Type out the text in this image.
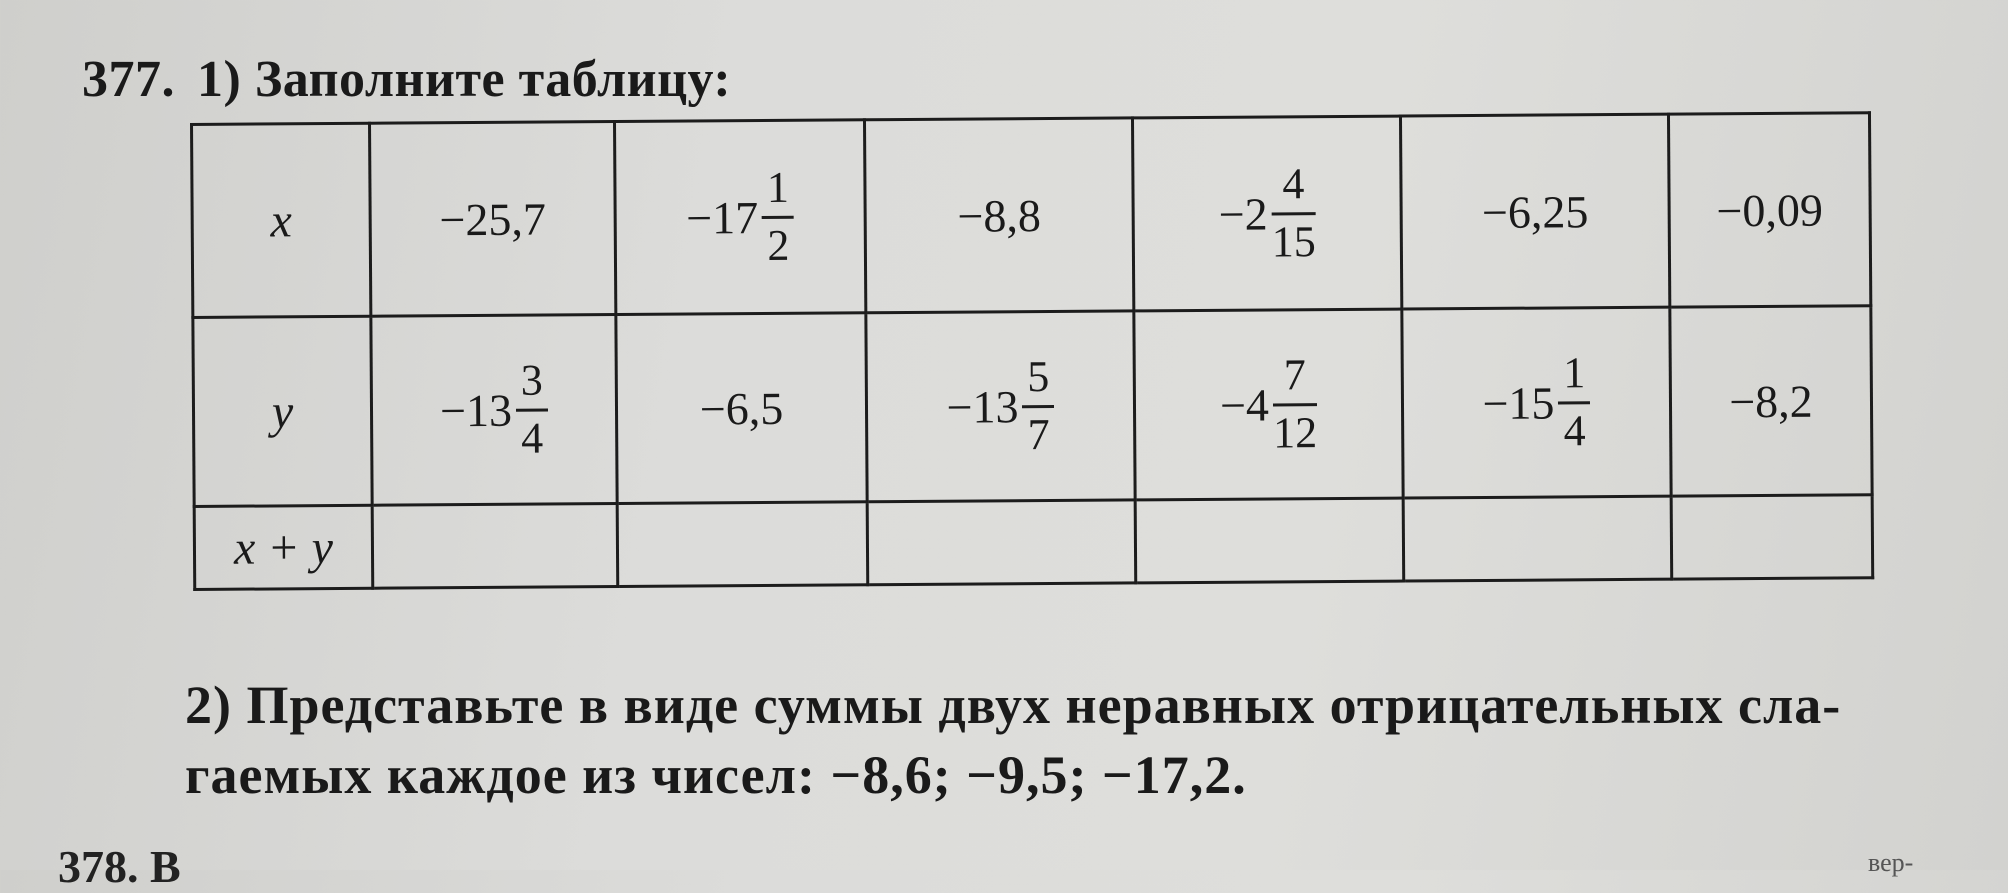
377. 1) Заполните таблицу:
x	−25,7	$-17 \frac{1}{2}$	−8,8	$-2 \frac{4}{15}$	−6,25	−0,09
y	$-13 \frac{3}{4}$	−6,5	$-13 \frac{5}{7}$	$-4 \frac{7}{12}$	$-15 \frac{1}{4}$	−8,2
x + y						
2) Представьте в виде суммы двух неравных отрицательных сла-
гаемых каждое из чисел: −8,6; −9,5; −17,2.
378. В	вер-
